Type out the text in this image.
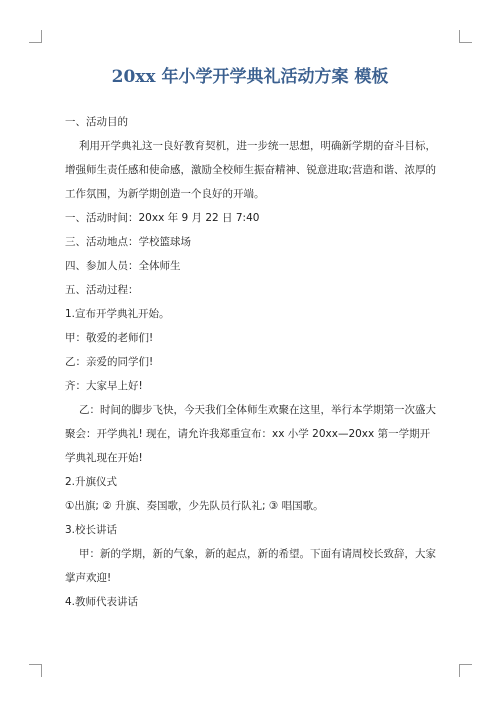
20xx 年小学开学典礼活动方案 模板

一、活动目的

利用开学典礼这一良好教育契机，进一步统一思想，明确新学期的奋斗目标，增强师生责任感和使命感，激励全校师生振奋精神、锐意进取;营造和谐、浓厚的工作氛围，为新学期创造一个良好的开端。

一、活动时间：20xx 年 9 月 22 日 7:40

三、活动地点：学校篮球场

四、参加人员：全体师生

五、活动过程：

1.宣布开学典礼开始。

甲：敬爱的老师们!

乙：亲爱的同学们!

齐：大家早上好!

乙：时间的脚步飞快，今天我们全体师生欢聚在这里，举行本学期第一次盛大聚会：开学典礼! 现在，请允许我郑重宣布：xx 小学 20xx—20xx 第一学期开学典礼现在开始!

2.升旗仪式

①出旗; ② 升旗、奏国歌，少先队员行队礼; ③ 唱国歌。

3.校长讲话

甲：新的学期，新的气象，新的起点，新的希望。下面有请周校长致辞，大家掌声欢迎!

4.教师代表讲话
